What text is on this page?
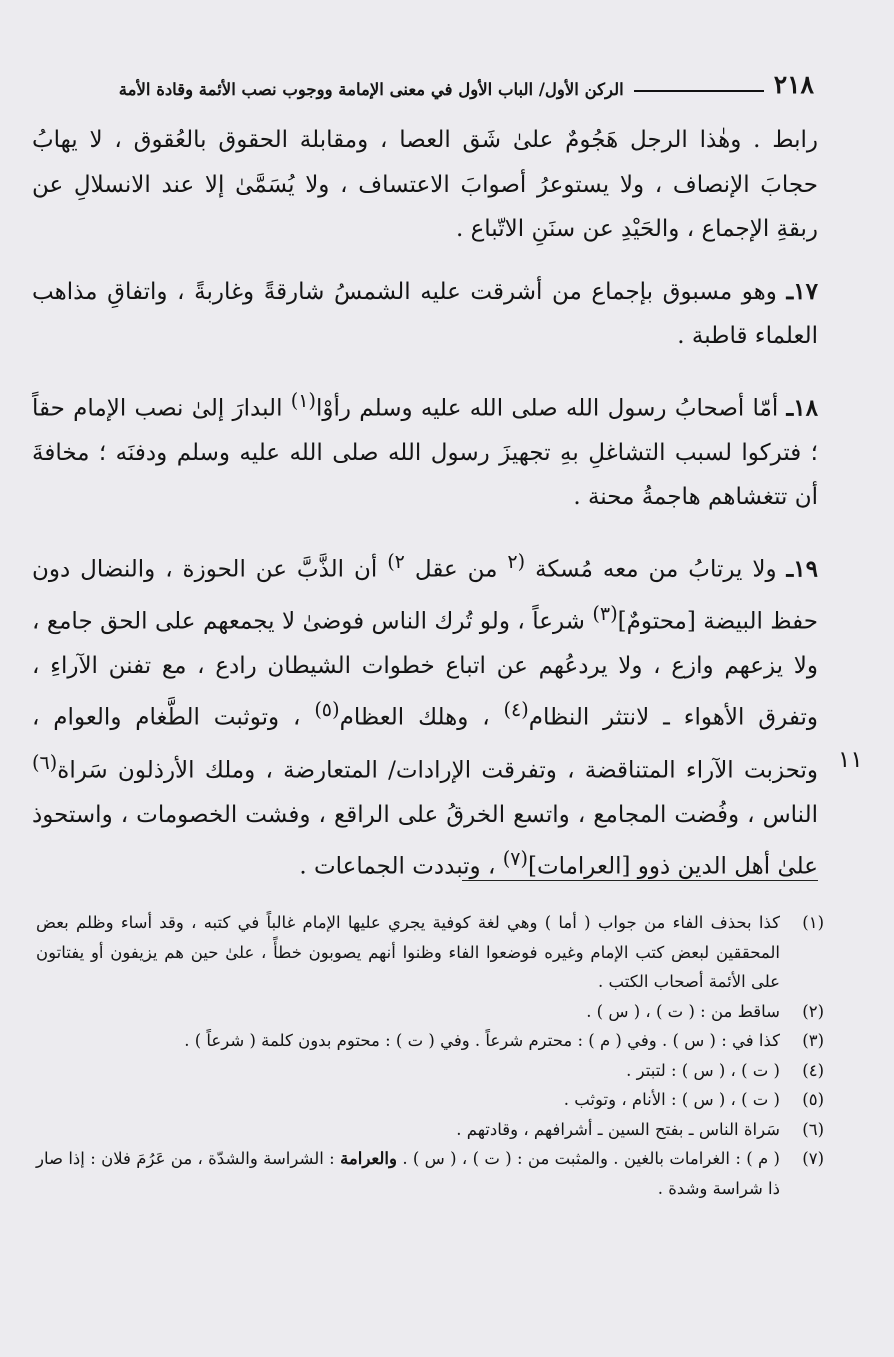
٢١٨
الركن الأول/ الباب الأول في معنى الإمامة ووجوب نصب الأئمة وقادة الأمة

رابط . وهٰذا الرجل هَجُومٌ علىٰ شَق العصا ، ومقابلة الحقوق بالعُقوق ، لا يهابُ حجابَ الإنصاف ، ولا يستوعرُ أصوابَ الاعتساف ، ولا يُسَمَّىٰ إلا عند الانسلالِ عن ربقةِ الإجماع ، والحَيْدِ عن سنَنِ الاتّباع .

١٧ـ وهو مسبوق بإجماع من أشرقت عليه الشمسُ شارقةً وغاربةً ، واتفاقِ مذاهب العلماء قاطبة .

١٨ـ أمّا أصحابُ رسول الله صلى الله عليه وسلم رأوْا$^{(١)}$ البدارَ إلىٰ نصب الإمام حقاً ؛ فتركوا لسبب التشاغلِ بهِ تجهيزَ رسول الله صلى الله عليه وسلم ودفنَه ؛ مخافةَ أن تتغشاهم هاجمةُ محنة .

١٩ـ ولا يرتابُ من معه مُسكة $^{(٢}$ من عقل $^{٢)}$ أن الذَّبَّ عن الحوزة ، والنضال دون حفظ البيضة [محتومٌ]$^{(٣)}$ شرعاً ، ولو تُرك الناس فوضىٰ لا يجمعهم على الحق جامع ، ولا يزعهم وازع ، ولا يردعُهم عن اتباع خطوات الشيطان رادع ، مع تفنن الآراءِ ، وتفرق الأهواء ـ لانتثر النظام$^{(٤)}$ ، وهلك العظام$^{(٥)}$ ، وتوثبت الطَّغام والعوام ، وتحزبت الآراء المتناقضة ، وتفرقت الإرادات/ المتعارضة ، وملك الأرذلون سَراة$^{(٦)}$ الناس ، وفُضت المجامع ، واتسع الخرقُ على الراقع ، وفشت الخصومات ، واستحوذ علىٰ أهل الدين ذوو [العرامات]$^{(٧)}$ ، وتبددت الجماعات .

١١
(١)
كذا بحذف الفاء من جواب ( أما ) وهي لغة كوفية يجري عليها الإمام غالباً في كتبه ، وقد أساء وظلم بعض المحققين لبعض كتب الإمام وغيره فوضعوا الفاء وظنوا أنهم يصوبون خطأً ، علىٰ حين هم يزيفون أو يفتاتون على الأئمة أصحاب الكتب .
(٢)
ساقط من : ( ت ) ، ( س ) .
(٣)
كذا في : ( س ) . وفي ( م ) : محترم شرعاً . وفي ( ت ) : محتوم بدون كلمة ( شرعاً ) .
(٤)
( ت ) ، ( س ) : لتبتر .
(٥)
( ت ) ، ( س ) : الأنام ، وتوثب .
(٦)
سَراة الناس ـ بفتح السين ـ أشرافهم ، وقادتهم .
(٧)
( م ) : الغرامات بالغين . والمثبت من : ( ت ) ، ( س ) . والعرامة : الشراسة والشدّة ، من عَرُمَ فلان : إذا صار ذا شراسة وشدة .
